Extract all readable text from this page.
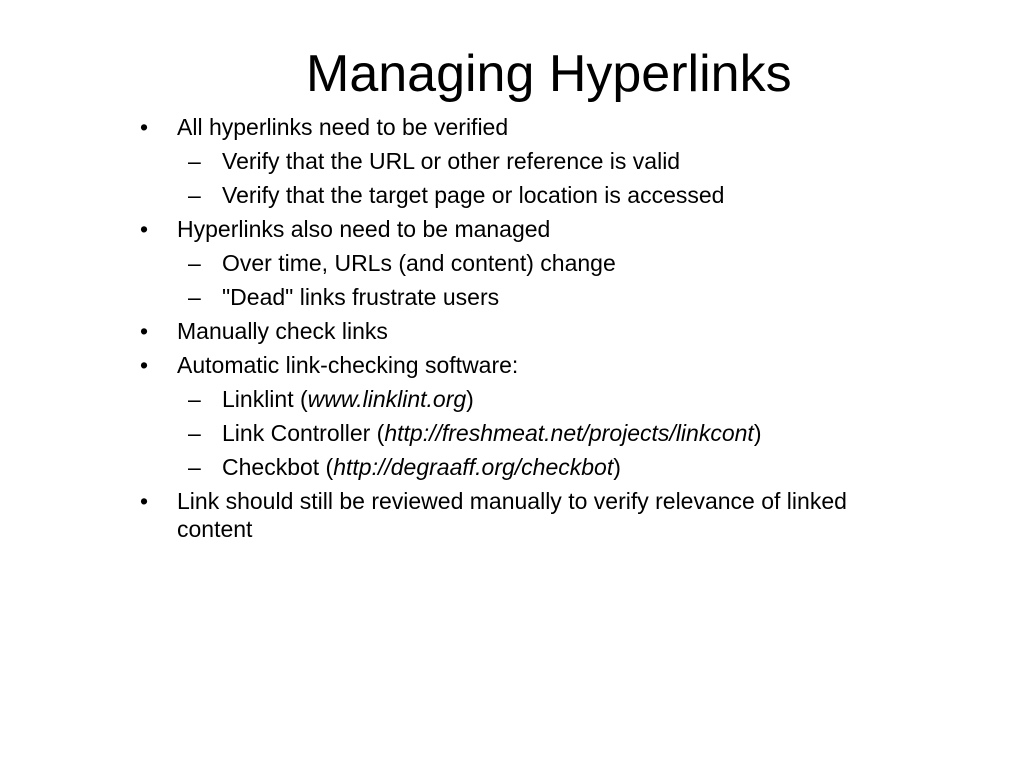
Managing Hyperlinks
• All hyperlinks need to be verified
– Verify that the URL or other reference is valid
– Verify that the target page or location is accessed
• Hyperlinks also need to be managed
– Over time, URLs (and content) change
– "Dead" links frustrate users
• Manually check links
• Automatic link-checking software:
– Linklint (www.linklint.org)
– Link Controller (http://freshmeat.net/projects/linkcont)
– Checkbot (http://degraaff.org/checkbot)
• Link should still be reviewed manually to verify relevance of linked
content
